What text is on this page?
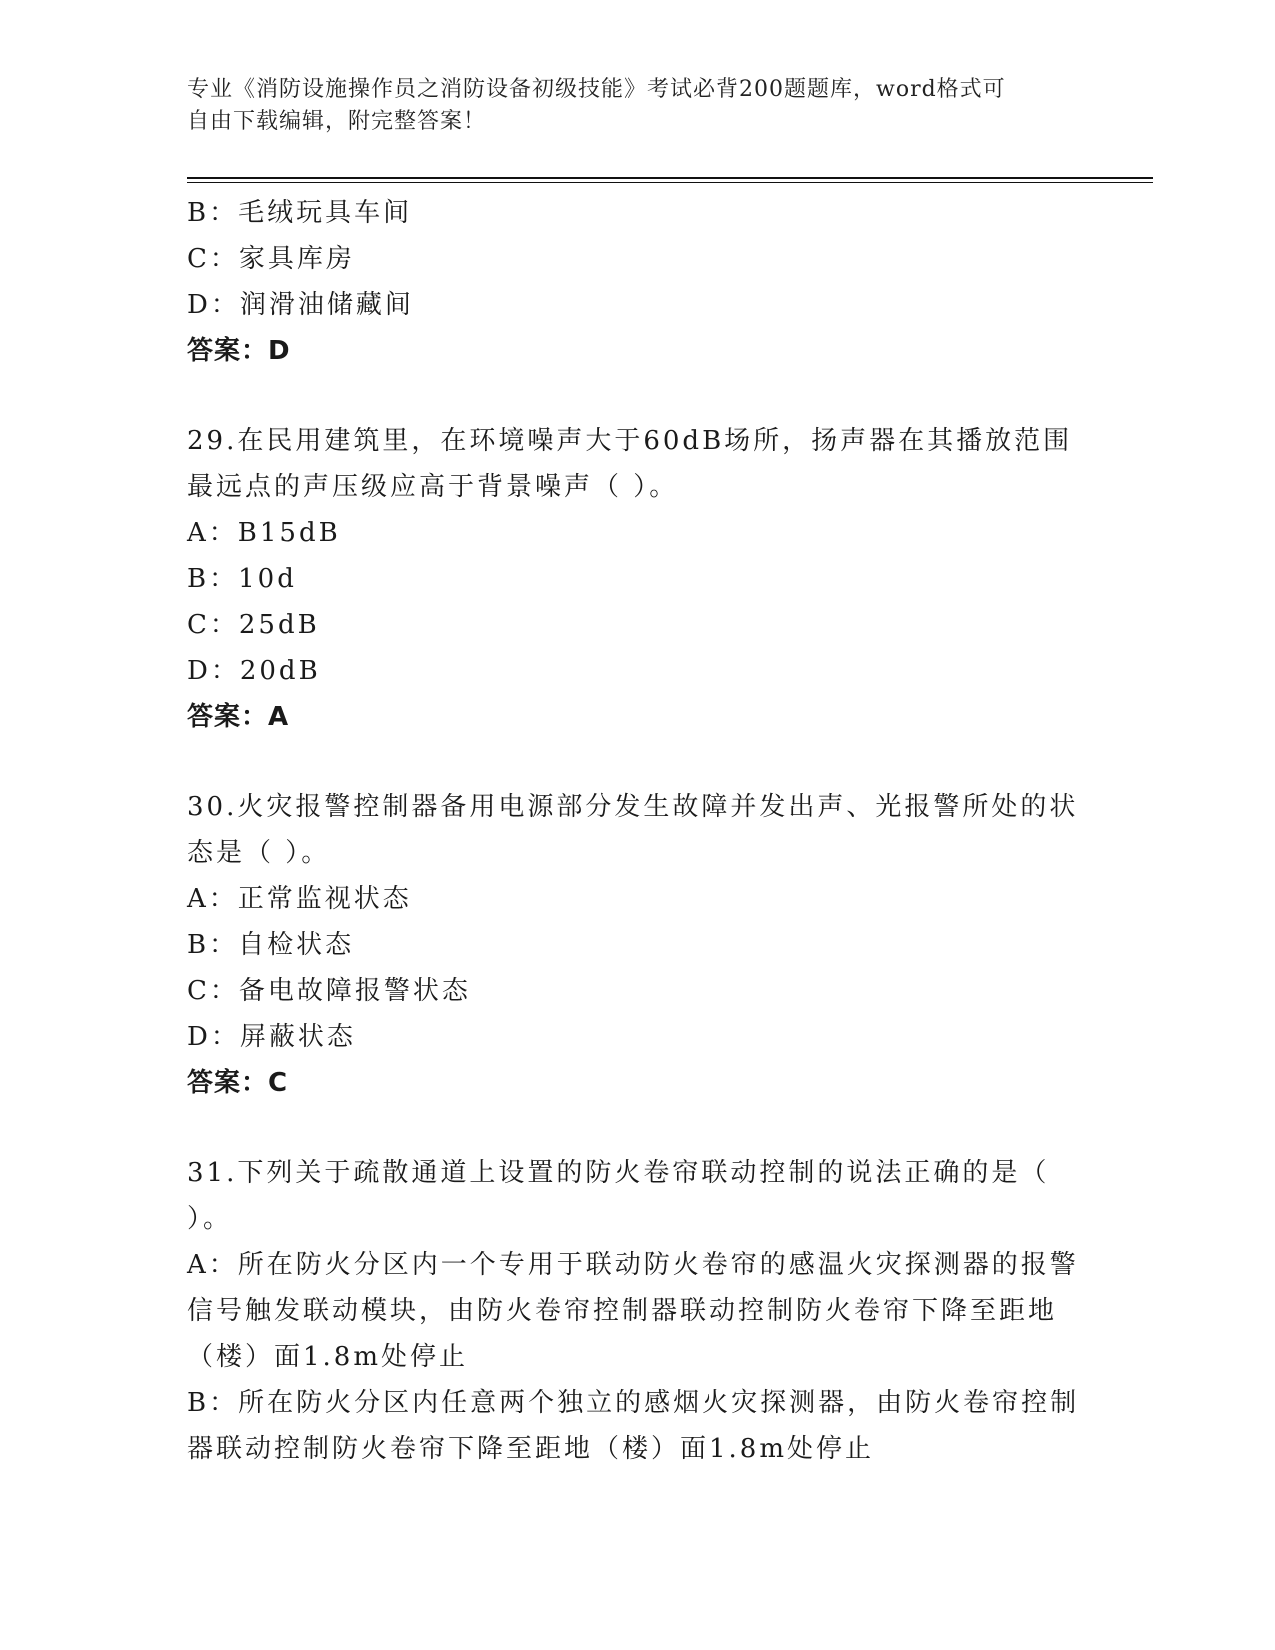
专业《消防设施操作员之消防设备初级技能》考试必背200题题库，word格式可
自由下载编辑，附完整答案！
B：毛绒玩具车间
C：家具库房
D：润滑油储藏间
答案：D
29.在民用建筑里，在环境噪声大于60dB场所，扬声器在其播放范围
最远点的声压级应高于背景噪声（ ）。
A：B15dB
B：10d
C：25dB
D：20dB
答案：A
30.火灾报警控制器备用电源部分发生故障并发出声、光报警所处的状
态是（ ）。
A：正常监视状态
B：自检状态
C：备电故障报警状态
D：屏蔽状态
答案：C
31.下列关于疏散通道上设置的防火卷帘联动控制的说法正确的是（
）。
A：所在防火分区内一个专用于联动防火卷帘的感温火灾探测器的报警
信号触发联动模块，由防火卷帘控制器联动控制防火卷帘下降至距地
（楼）面1.8m处停止
B：所在防火分区内任意两个独立的感烟火灾探测器，由防火卷帘控制
器联动控制防火卷帘下降至距地（楼）面1.8m处停止
